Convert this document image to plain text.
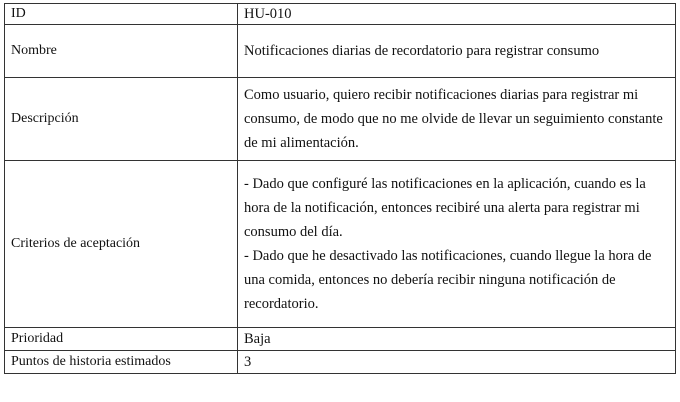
ID	HU-010
Nombre	Notificaciones diarias de recordatorio para registrar consumo
Descripción	Como usuario, quiero recibir notificaciones diarias para registrar mi consumo, de modo que no me olvide de llevar un seguimiento constante de mi alimentación.
Criterios de aceptación	- Dado que configuré las notificaciones en la aplicación, cuando es la hora de la notificación, entonces recibiré una alerta para registrar mi consumo del día.
- Dado que he desactivado las notificaciones, cuando llegue la hora de una comida, entonces no debería recibir ninguna notificación de recordatorio.

Prioridad	Baja
Puntos de historia estimados	3
